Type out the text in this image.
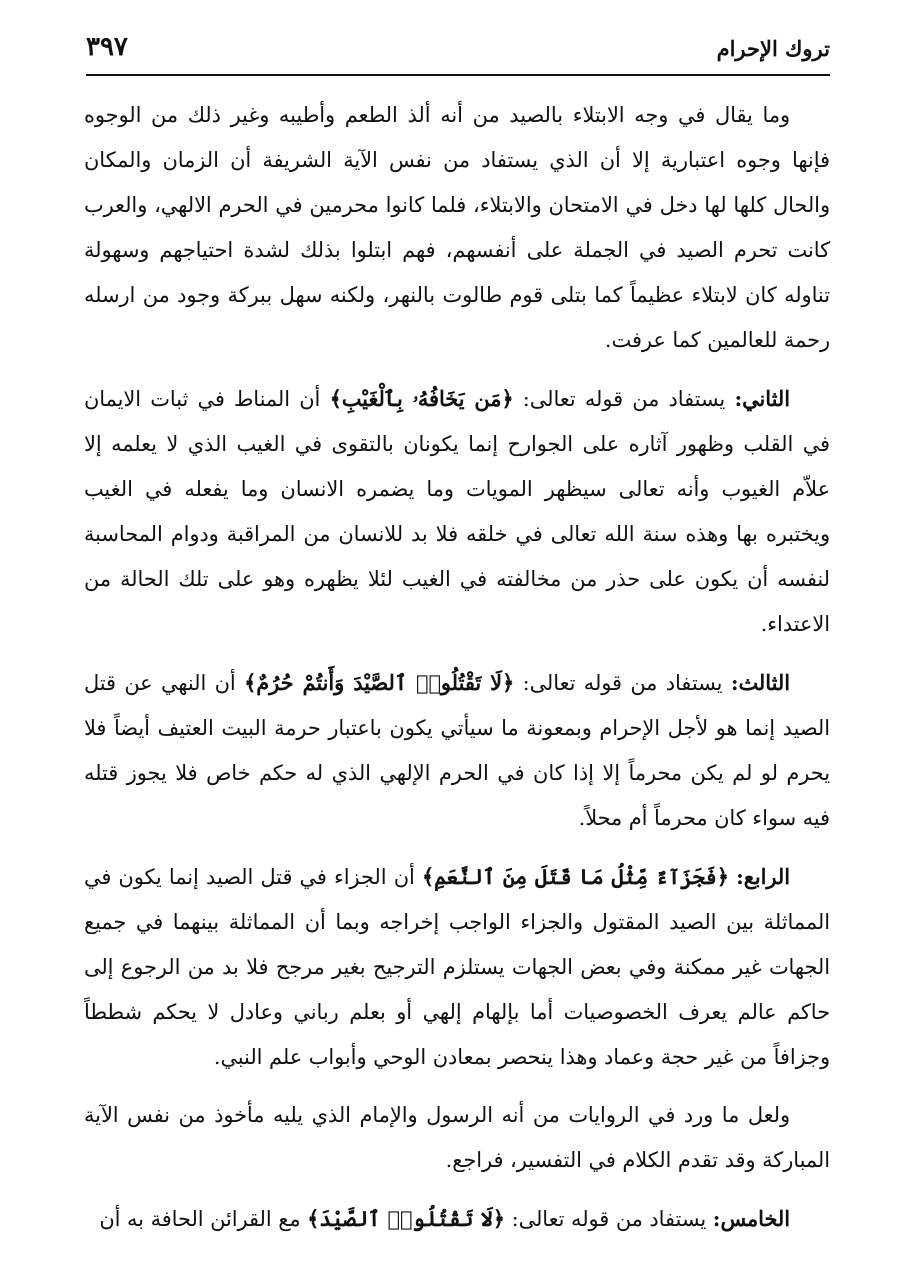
تروك الإحرام
٣٩٧

وما يقال في وجه الابتلاء بالصيد من أنه ألذ الطعم وأطيبه وغير ذلك من الوجوه فإنها وجوه اعتبارية إلا أن الذي يستفاد من نفس الآية الشريفة أن الزمان والمكان والحال كلها لها دخل في الامتحان والابتلاء، فلما كانوا محرمين في الحرم الالهي، والعرب كانت تحرم الصيد في الجملة على أنفسهم، فهم ابتلوا بذلك لشدة احتياجهم وسهولة تناوله كان لابتلاء عظيماً كما بتلى قوم طالوت بالنهر، ولكنه سهل ببركة وجود من ارسله رحمة للعالمين كما عرفت.

الثاني: يستفاد من قوله تعالى: ﴿مَن يَخَافُهُۥ بِٱلْغَيْبِ﴾ أن المناط في ثبات الايمان في القلب وظهور آثاره على الجوارح إنما يكونان بالتقوى في الغيب الذي لا يعلمه إلا علاّم الغيوب وأنه تعالى سيظهر المويات وما يضمره الانسان وما يفعله في الغيب ويختبره بها وهذه سنة الله تعالى في خلقه فلا بد للانسان من المراقبة ودوام المحاسبة لنفسه أن يكون على حذر من مخالفته في الغيب لئلا يظهره وهو على تلك الحالة من الاعتداء.

الثالث: يستفاد من قوله تعالى: ﴿لَا تَقْتُلُوا۟ ٱلصَّيْدَ وَأَنتُمْ حُرُمٌ﴾ أن النهي عن قتل الصيد إنما هو لأجل الإحرام وبمعونة ما سيأتي يكون باعتبار حرمة البيت العتيف أيضاً فلا يحرم لو لم يكن محرماً إلا إذا كان في الحرم الإلهي الذي له حكم خاص فلا يجوز قتله فيه سواء كان محرماً أم محلاً.

الرابع: ﴿فَجَزَآءٌ مِّثْلُ مَا قَتَلَ مِنَ ٱلنَّعَمِ﴾ أن الجزاء في قتل الصيد إنما يكون في المماثلة بين الصيد المقتول والجزاء الواجب إخراجه وبما أن المماثلة بينهما في جميع الجهات غير ممكنة وفي بعض الجهات يستلزم الترجيح بغير مرجح فلا بد من الرجوع إلى حاكم عالم يعرف الخصوصيات أما بإلهام إلهي أو بعلم رباني وعادل لا يحكم شططاً وجزافاً من غير حجة وعماد وهذا ينحصر بمعادن الوحي وأبواب علم النبي.

ولعل ما ورد في الروايات من أنه الرسول والإمام الذي يليه مأخوذ من نفس الآية المباركة وقد تقدم الكلام في التفسير، فراجع.

الخامس: يستفاد من قوله تعالى: ﴿لَا تَقْتُلُوا۟ ٱلصَّيْدَ﴾ مع القرائن الحافة به أن
